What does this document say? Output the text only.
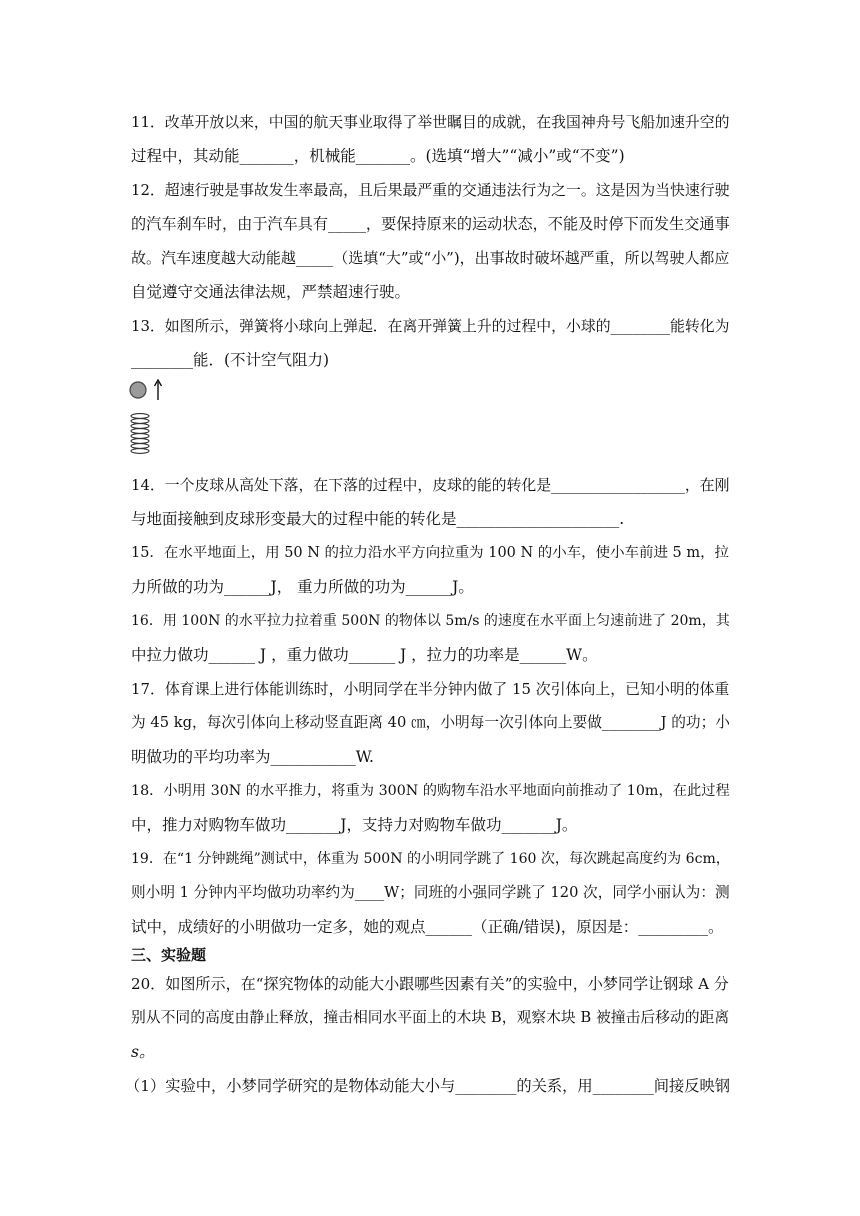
11．改革开放以来，中国的航天事业取得了举世瞩目的成就，在我国神舟号飞船加速升空的
过程中，其动能_______，机械能_______。(选填“增大”“减小”或“不变”)
12．超速行驶是事故发生率最高，且后果最严重的交通违法行为之一。这是因为当快速行驶
的汽车刹车时，由于汽车具有_____，要保持原来的运动状态，不能及时停下而发生交通事
故。汽车速度越大动能越_____（选填“大”或“小”)，出事故时破坏越严重，所以驾驶人都应
自觉遵守交通法律法规，严禁超速行驶。
13．如图所示，弹簧将小球向上弹起．在离开弹簧上升的过程中，小球的________能转化为
________能．(不计空气阻力)
14．一个皮球从高处下落，在下落的过程中，皮球的能的转化是__________________，在刚
与地面接触到皮球形变最大的过程中能的转化是_____________________.
15．在水平地面上，用 50 N 的拉力沿水平方向拉重为 100 N 的小车，使小车前进 5 m，拉
力所做的功为______J， 重力所做的功为______J。
16．用 100N 的水平拉力拉着重 500N 的物体以 5m/s 的速度在水平面上匀速前进了 20m，其
中拉力做功______ J ，重力做功______ J ，拉力的功率是______W。
17．体育课上进行体能训练时，小明同学在半分钟内做了 15 次引体向上，已知小明的体重
为 45 kg，每次引体向上移动竖直距离 40 ㎝，小明每一次引体向上要做________J 的功；小
明做功的平均功率为___________W.
18．小明用 30N 的水平推力，将重为 300N 的购物车沿水平地面向前推动了 10m，在此过程
中，推力对购物车做功_______J，支持力对购物车做功_______J。
19．在“1 分钟跳绳”测试中，体重为 500N 的小明同学跳了 160 次，每次跳起高度约为 6cm，
则小明 1 分钟内平均做功功率约为____W；同班的小强同学跳了 120 次，同学小丽认为：测
试中，成绩好的小明做功一定多，她的观点______（正确/错误)，原因是：_________。
三、实验题
20．如图所示，在“探究物体的动能大小跟哪些因素有关”的实验中，小梦同学让钢球 A 分
别从不同的高度由静止释放，撞击相同水平面上的木块 B，观察木块 B 被撞击后移动的距离
s。
（1）实验中，小梦同学研究的是物体动能大小与________的关系，用________间接反映钢
